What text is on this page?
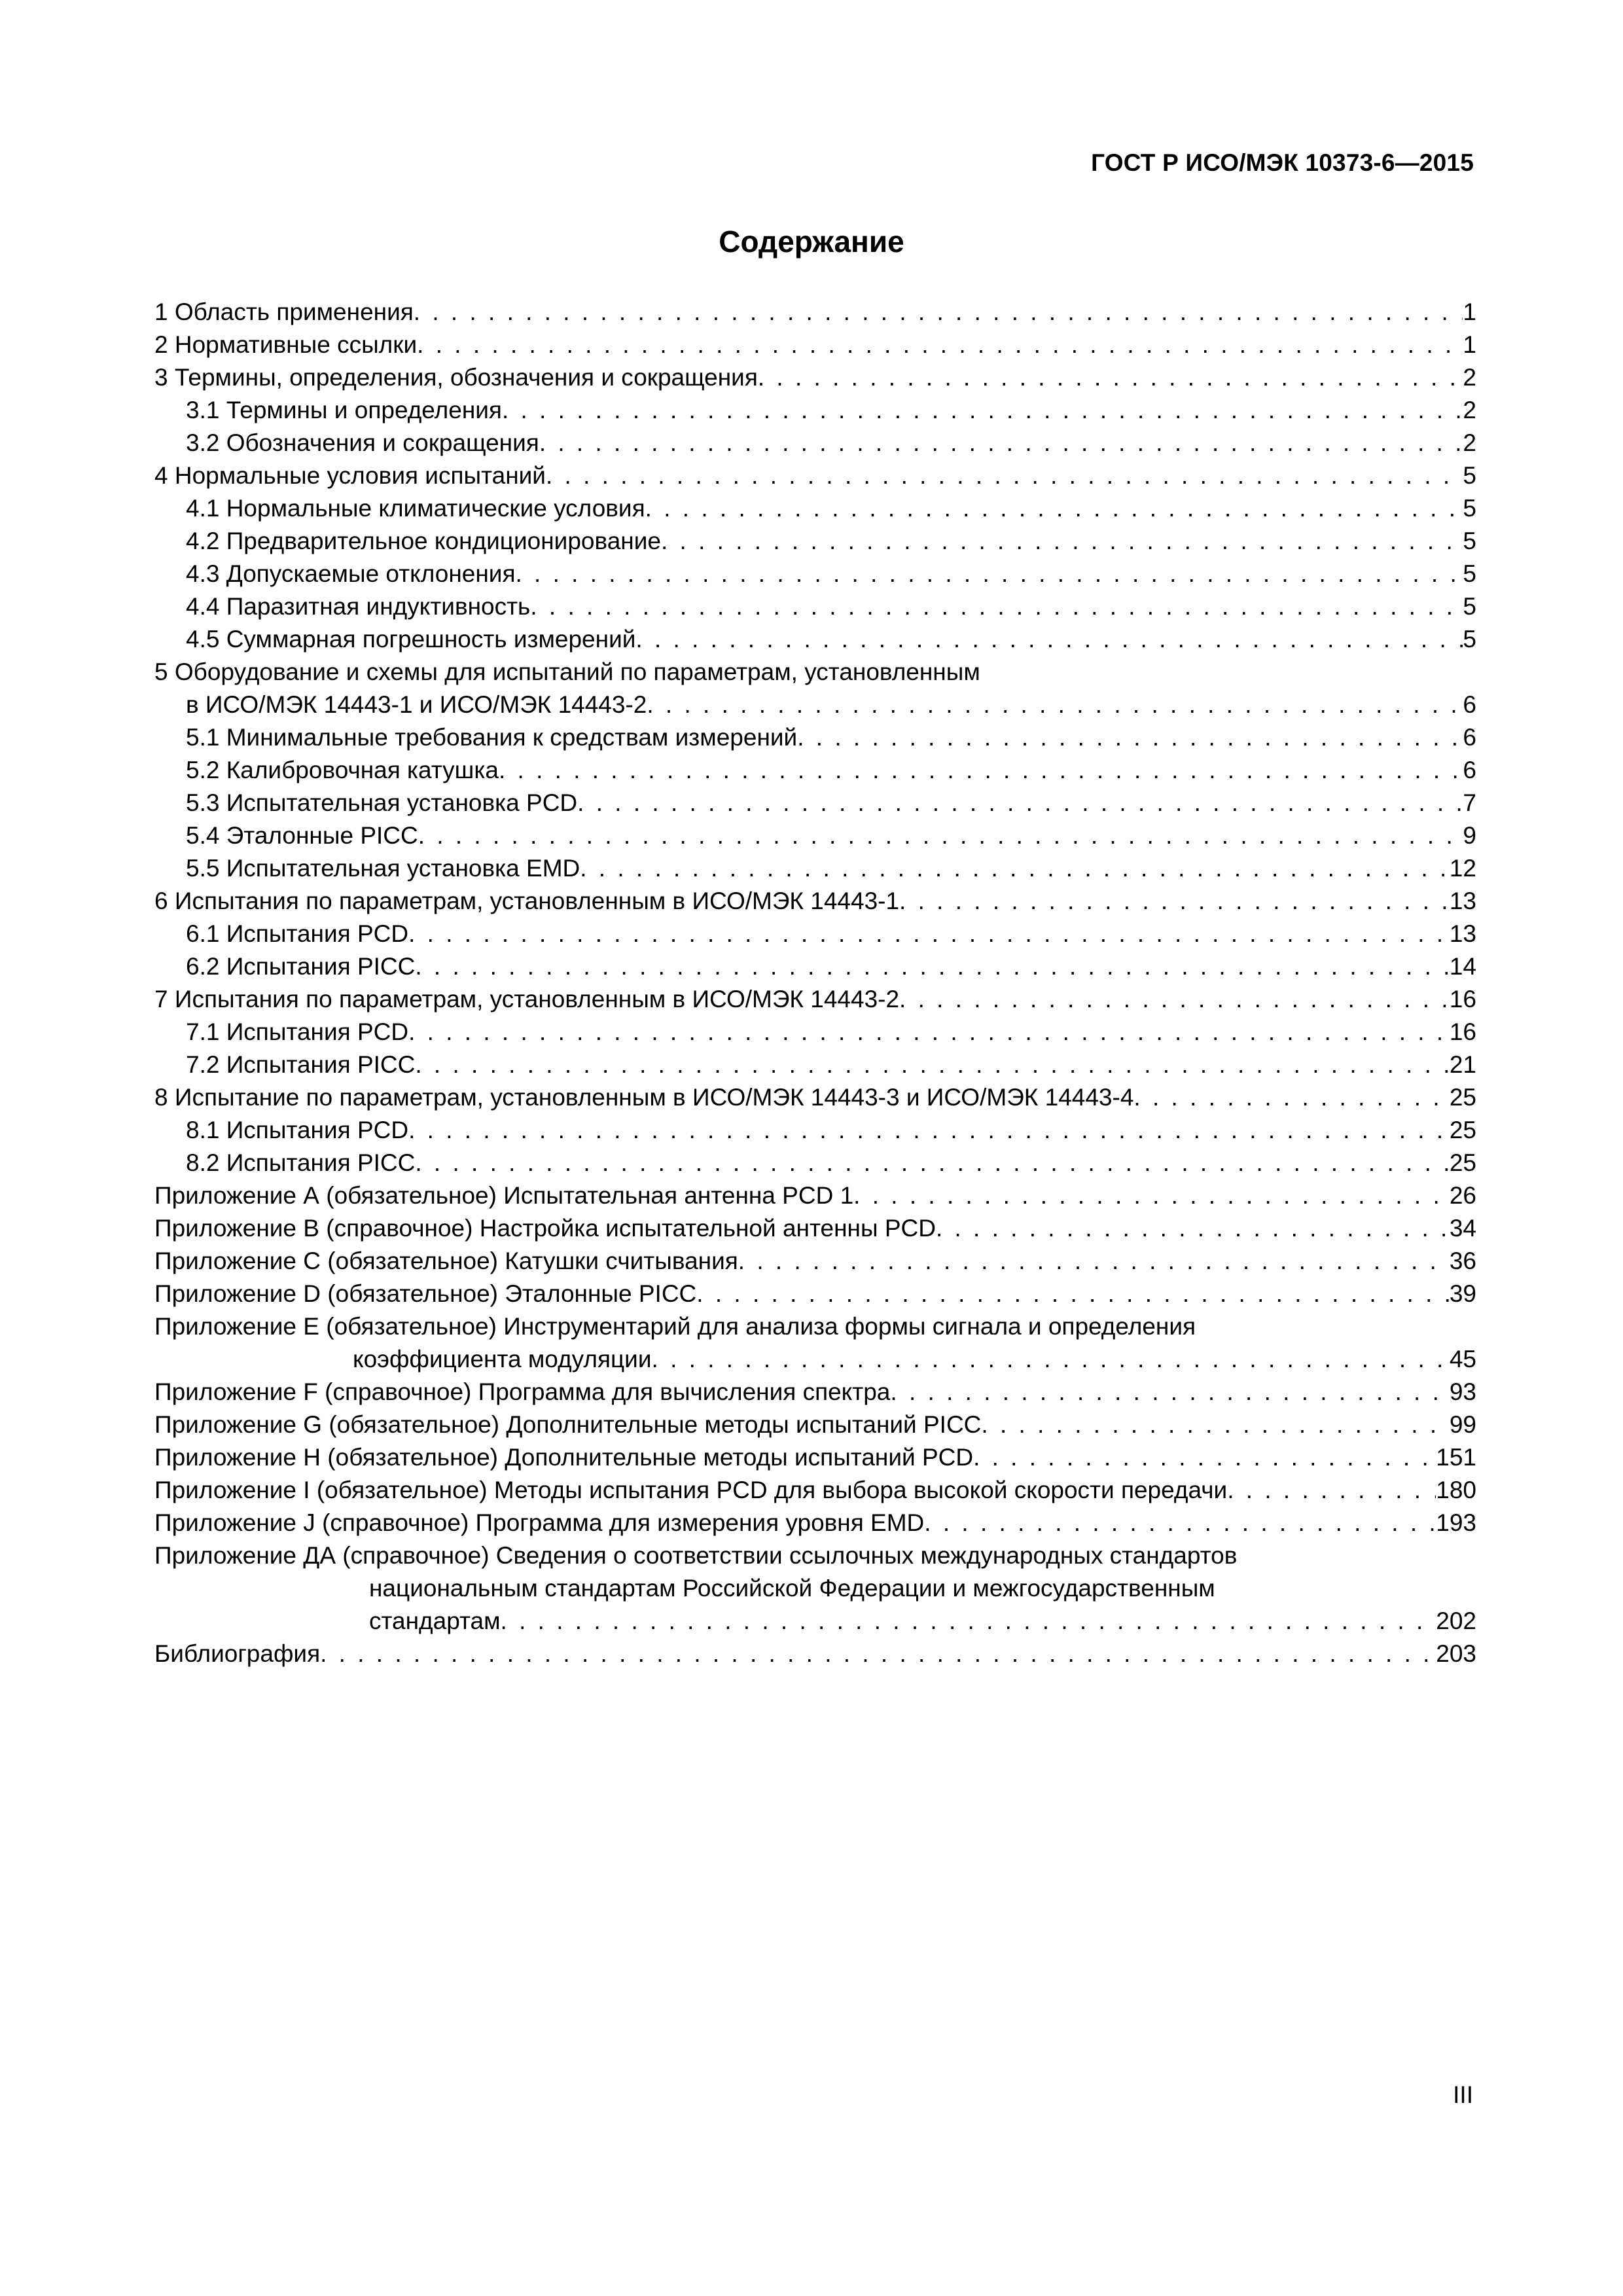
ГОСТ Р ИСО/МЭК 10373-6—2015
Содержание
1 Область применения . . .	1
2 Нормативные ссылки . . .	1
3 Термины, определения, обозначения и сокращения . . .	2
3.1 Термины и определения . . .	2
3.2 Обозначения и сокращения . . .	2
4 Нормальные условия испытаний . . .	5
4.1 Нормальные климатические условия . . .	5
4.2 Предварительное кондиционирование . . .	5
4.3 Допускаемые отклонения . . .	5
4.4 Паразитная индуктивность . . .	5
4.5 Суммарная погрешность измерений . . .	5
5 Оборудование и схемы для испытаний по параметрам, установленным
в ИСО/МЭК 14443-1 и ИСО/МЭК 14443-2 . . .	6
5.1 Минимальные требования к средствам измерений . . .	6
5.2 Калибровочная катушка . . .	6
5.3 Испытательная установка PCD . . .	7
5.4 Эталонные PICC . . .	9
5.5 Испытательная установка EMD . . .	12
6 Испытания по параметрам, установленным в ИСО/МЭК 14443-1 . . .	13
6.1 Испытания PCD . . .	13
6.2 Испытания PICC . . .	14
7 Испытания по параметрам, установленным в ИСО/МЭК 14443-2 . . .	16
7.1 Испытания PCD . . .	16
7.2 Испытания PICC . . .	21
8 Испытание по параметрам, установленным в ИСО/МЭК 14443-3 и ИСО/МЭК 14443-4 . . .	25
8.1 Испытания PCD . . .	25
8.2 Испытания PICC . . .	25
Приложение А (обязательное) Испытательная антенна PCD 1 . . .	26
Приложение В (справочное) Настройка испытательной антенны PCD . . .	34
Приложение С (обязательное) Катушки считывания . . .	36
Приложение D (обязательное) Эталонные PICC . . .	39
Приложение Е (обязательное) Инструментарий для анализа формы сигнала и определения
коэффициента модуляции . . .	45
Приложение F (справочное) Программа для вычисления спектра . . .	93
Приложение G (обязательное) Дополнительные методы испытаний PICC . . .	99
Приложение Н (обязательное) Дополнительные методы испытаний PCD . . .	151
Приложение I (обязательное) Методы испытания PCD для выбора высокой скорости передачи . . .	180
Приложение J (справочное) Программа для измерения уровня EMD . . .	193
Приложение ДА (справочное) Сведения о соответствии ссылочных международных стандартов
национальным стандартам Российской Федерации и межгосударственным
стандартам . . .	202
Библиография . . .	203
III
